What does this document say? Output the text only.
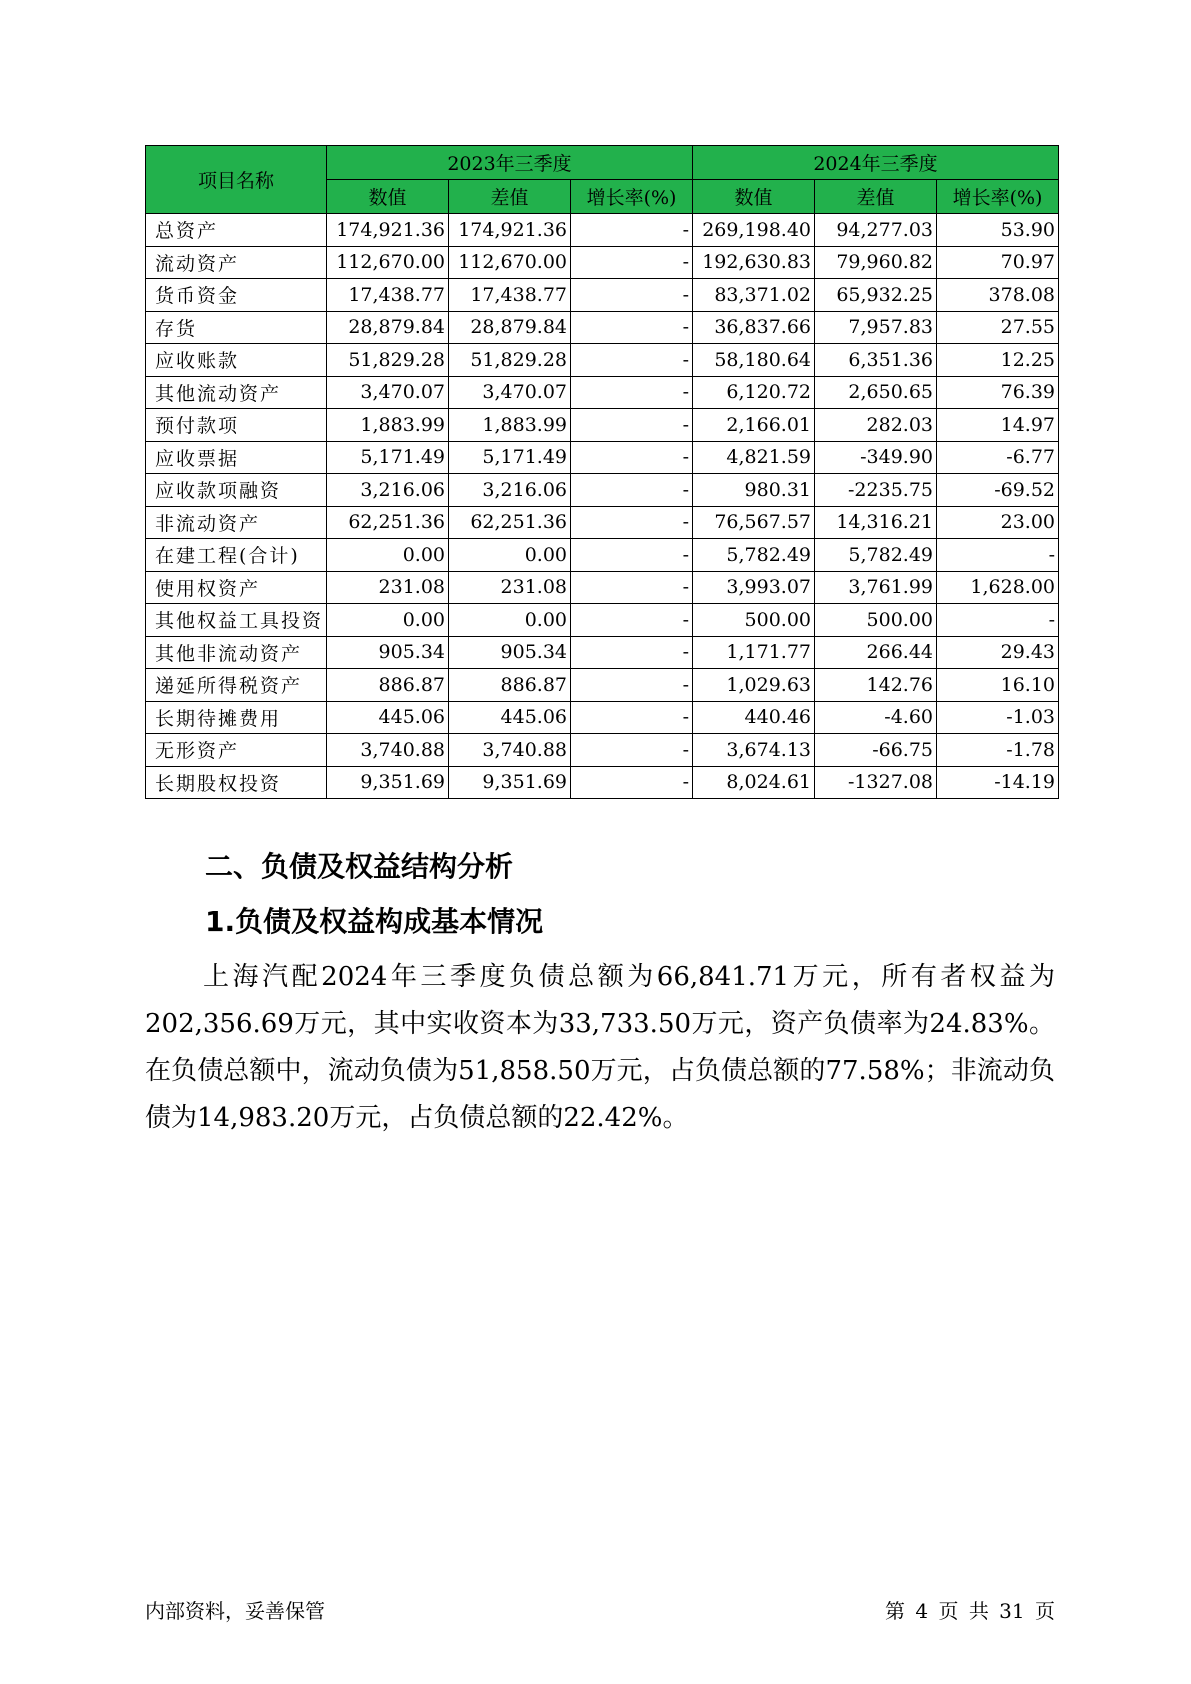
项目名称	2023年三季度			2024年三季度		
	数值	差值	增长率(%)	数值	差值	增长率(%)
总资产	174,921.36	174,921.36	-	269,198.40	94,277.03	53.90
流动资产	112,670.00	112,670.00	-	192,630.83	79,960.82	70.97
货币资金	17,438.77	17,438.77	-	83,371.02	65,932.25	378.08
存货	28,879.84	28,879.84	-	36,837.66	7,957.83	27.55
应收账款	51,829.28	51,829.28	-	58,180.64	6,351.36	12.25
其他流动资产	3,470.07	3,470.07	-	6,120.72	2,650.65	76.39
预付款项	1,883.99	1,883.99	-	2,166.01	282.03	14.97
应收票据	5,171.49	5,171.49	-	4,821.59	-349.90	-6.77
应收款项融资	3,216.06	3,216.06	-	980.31	-2235.75	-69.52
非流动资产	62,251.36	62,251.36	-	76,567.57	14,316.21	23.00
在建工程(合计)	0.00	0.00	-	5,782.49	5,782.49	-
使用权资产	231.08	231.08	-	3,993.07	3,761.99	1,628.00
其他权益工具投资	0.00	0.00	-	500.00	500.00	-
其他非流动资产	905.34	905.34	-	1,171.77	266.44	29.43
递延所得税资产	886.87	886.87	-	1,029.63	142.76	16.10
长期待摊费用	445.06	445.06	-	440.46	-4.60	-1.03
无形资产	3,740.88	3,740.88	-	3,674.13	-66.75	-1.78
长期股权投资	9,351.69	9,351.69	-	8,024.61	-1327.08	-14.19
二、负债及权益结构分析
1.负债及权益构成基本情况

上海汽配2024年三季度负债总额为66,841.71万元，所有者权益为202,356.69万元，其中实收资本为33,733.50万元，资产负债率为24.83%。在负债总额中，流动负债为51,858.50万元，占负债总额的77.58%；非流动负债为14,983.20万元，占负债总额的22.42%。

内部资料，妥善保管	第 4 页 共 31 页
